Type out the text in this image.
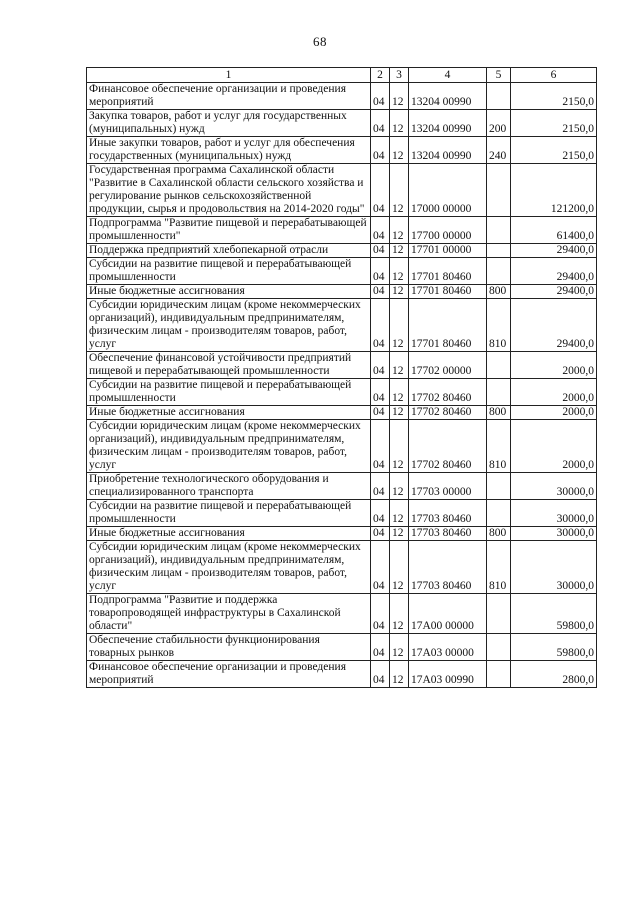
68
1	2	3	4	5	6
Финансовое обеспечение организации и проведения мероприятий	04	12	13204 00990		2150,0
Закупка товаров, работ и услуг для государственных (муниципальных) нужд	04	12	13204 00990	200	2150,0
Иные закупки товаров, работ и услуг для обеспечения государственных (муниципальных) нужд	04	12	13204 00990	240	2150,0
Государственная программа Сахалинской области "Развитие в Сахалинской области сельского хозяйства и регулирование рынков сельскохозяйственной продукции, сырья и продовольствия на 2014-2020 годы"	04	12	17000 00000		121200,0
Подпрограмма "Развитие пищевой и перерабатывающей промышленности"	04	12	17700 00000		61400,0
Поддержка предприятий хлебопекарной отрасли	04	12	17701 00000		29400,0
Субсидии на развитие пищевой и перерабатывающей промышленности	04	12	17701 80460		29400,0
Иные бюджетные ассигнования	04	12	17701 80460	800	29400,0
Субсидии юридическим лицам (кроме некоммерческих организаций), индивидуальным предпринимателям, физическим лицам - производителям товаров, работ, услуг	04	12	17701 80460	810	29400,0
Обеспечение финансовой устойчивости предприятий пищевой и перерабатывающей промышленности	04	12	17702 00000		2000,0
Субсидии на развитие пищевой и перерабатывающей промышленности	04	12	17702 80460		2000,0
Иные бюджетные ассигнования	04	12	17702 80460	800	2000,0
Субсидии юридическим лицам (кроме некоммерческих организаций), индивидуальным предпринимателям, физическим лицам - производителям товаров, работ, услуг	04	12	17702 80460	810	2000,0
Приобретение технологического оборудования и специализированного транспорта	04	12	17703 00000		30000,0
Субсидии на развитие пищевой и перерабатывающей промышленности	04	12	17703 80460		30000,0
Иные бюджетные ассигнования	04	12	17703 80460	800	30000,0
Субсидии юридическим лицам (кроме некоммерческих организаций), индивидуальным предпринимателям, физическим лицам - производителям товаров, работ, услуг	04	12	17703 80460	810	30000,0
Подпрограмма "Развитие и поддержка товаропроводящей инфраструктуры в Сахалинской области"	04	12	17А00 00000		59800,0
Обеспечение стабильности функционирования товарных рынков	04	12	17А03 00000		59800,0
Финансовое обеспечение организации и проведения мероприятий	04	12	17А03 00990		2800,0
